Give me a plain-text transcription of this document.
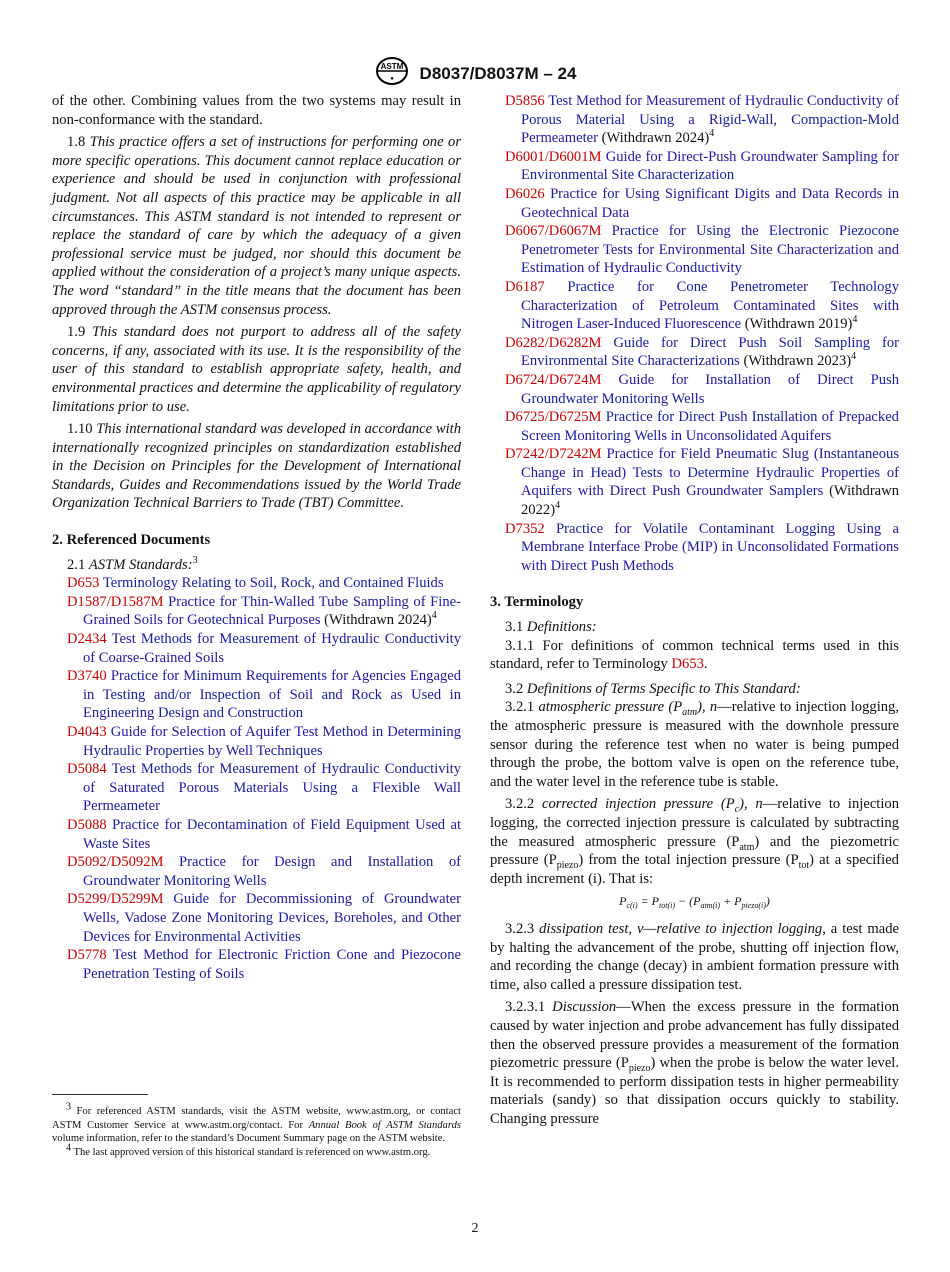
ASTM
● D8037/D8037M – 24

of the other. Combining values from the two systems may result in non-conformance with the standard.

1.8 This practice offers a set of instructions for performing one or more specific operations. This document cannot replace education or experience and should be used in conjunction with professional judgment. Not all aspects of this practice may be applicable in all circumstances. This ASTM standard is not intended to represent or replace the standard of care by which the adequacy of a given professional service must be judged, nor should this document be applied without the consideration of a project’s many unique aspects. The word “standard” in the title means that the document has been approved through the ASTM consensus process.

1.9 This standard does not purport to address all of the safety concerns, if any, associated with its use. It is the responsibility of the user of this standard to establish appropriate safety, health, and environmental practices and determine the applicability of regulatory limitations prior to use.

1.10 This international standard was developed in accordance with internationally recognized principles on standardization established in the Decision on Principles for the Development of International Standards, Guides and Recommendations issued by the World Trade Organization Technical Barriers to Trade (TBT) Committee.

2. Referenced Documents

2.1 ASTM Standards:$^3$

D653 Terminology Relating to Soil, Rock, and Contained Fluids

D1587/D1587M Practice for Thin-Walled Tube Sampling of Fine-Grained Soils for Geotechnical Purposes (Withdrawn 2024)$^4$

D2434 Test Methods for Measurement of Hydraulic Conductivity of Coarse-Grained Soils

D3740 Practice for Minimum Requirements for Agencies Engaged in Testing and/or Inspection of Soil and Rock as Used in Engineering Design and Construction

D4043 Guide for Selection of Aquifer Test Method in Determining Hydraulic Properties by Well Techniques

D5084 Test Methods for Measurement of Hydraulic Conductivity of Saturated Porous Materials Using a Flexible Wall Permeameter

D5088 Practice for Decontamination of Field Equipment Used at Waste Sites

D5092/D5092M Practice for Design and Installation of Groundwater Monitoring Wells

D5299/D5299M Guide for Decommissioning of Groundwater Wells, Vadose Zone Monitoring Devices, Boreholes, and Other Devices for Environmental Activities

D5778 Test Method for Electronic Friction Cone and Piezocone Penetration Testing of Soils

D5856 Test Method for Measurement of Hydraulic Conductivity of Porous Material Using a Rigid-Wall, Compaction-Mold Permeameter (Withdrawn 2024)$^4$

D6001/D6001M Guide for Direct-Push Groundwater Sampling for Environmental Site Characterization

D6026 Practice for Using Significant Digits and Data Records in Geotechnical Data

D6067/D6067M Practice for Using the Electronic Piezocone Penetrometer Tests for Environmental Site Characterization and Estimation of Hydraulic Conductivity

D6187 Practice for Cone Penetrometer Technology Characterization of Petroleum Contaminated Sites with Nitrogen Laser-Induced Fluorescence (Withdrawn 2019)$^4$

D6282/D6282M Guide for Direct Push Soil Sampling for Environmental Site Characterizations (Withdrawn 2023)$^4$

D6724/D6724M Guide for Installation of Direct Push Groundwater Monitoring Wells

D6725/D6725M Practice for Direct Push Installation of Prepacked Screen Monitoring Wells in Unconsolidated Aquifers

D7242/D7242M Practice for Field Pneumatic Slug (Instantaneous Change in Head) Tests to Determine Hydraulic Properties of Aquifers with Direct Push Groundwater Samplers (Withdrawn 2022)$^4$

D7352 Practice for Volatile Contaminant Logging Using a Membrane Interface Probe (MIP) in Unconsolidated Formations with Direct Push Methods

3. Terminology

3.1 Definitions:

3.1.1 For definitions of common technical terms used in this standard, refer to Terminology D653.

3.2 Definitions of Terms Specific to This Standard:

3.2.1 atmospheric pressure $(P_{atm})$, n—relative to injection logging, the atmospheric pressure is measured with the downhole pressure sensor during the reference test when no water is being pumped through the probe, the bottom valve is open on the reference tube, and the water level in the reference tube is stable.

3.2.2 corrected injection pressure $(P_c)$, n—relative to injection logging, the corrected injection pressure is calculated by subtracting the measured atmospheric pressure $(P_{atm})$ and the piezometric pressure $(P_{piezo})$ from the total injection pressure $(P_{tot})$ at a specified depth increment (i). That is:

$P_{c(i)} = P_{tot(i)} - (P_{atm(i)} + P_{piezo(i)})$

3.2.3 dissipation test, v—relative to injection logging, a test made by halting the advancement of the probe, shutting off injection flow, and recording the change (decay) in ambient formation pressure with time, also called a pressure dissipation test.

3.2.3.1 Discussion—When the excess pressure in the formation caused by water injection and probe advancement has fully dissipated then the observed pressure provides a measurement of the formation piezometric pressure $(P_{piezo})$ when the probe is below the water level. It is recommended to perform dissipation tests in higher permeability materials (sandy) so that dissipation occurs quickly to stability. Changing pressure

$^3$ For referenced ASTM standards, visit the ASTM website, www.astm.org, or contact ASTM Customer Service at www.astm.org/contact. For Annual Book of ASTM Standards volume information, refer to the standard’s Document Summary page on the ASTM website.

$^4$ The last approved version of this historical standard is referenced on www.astm.org.

2
